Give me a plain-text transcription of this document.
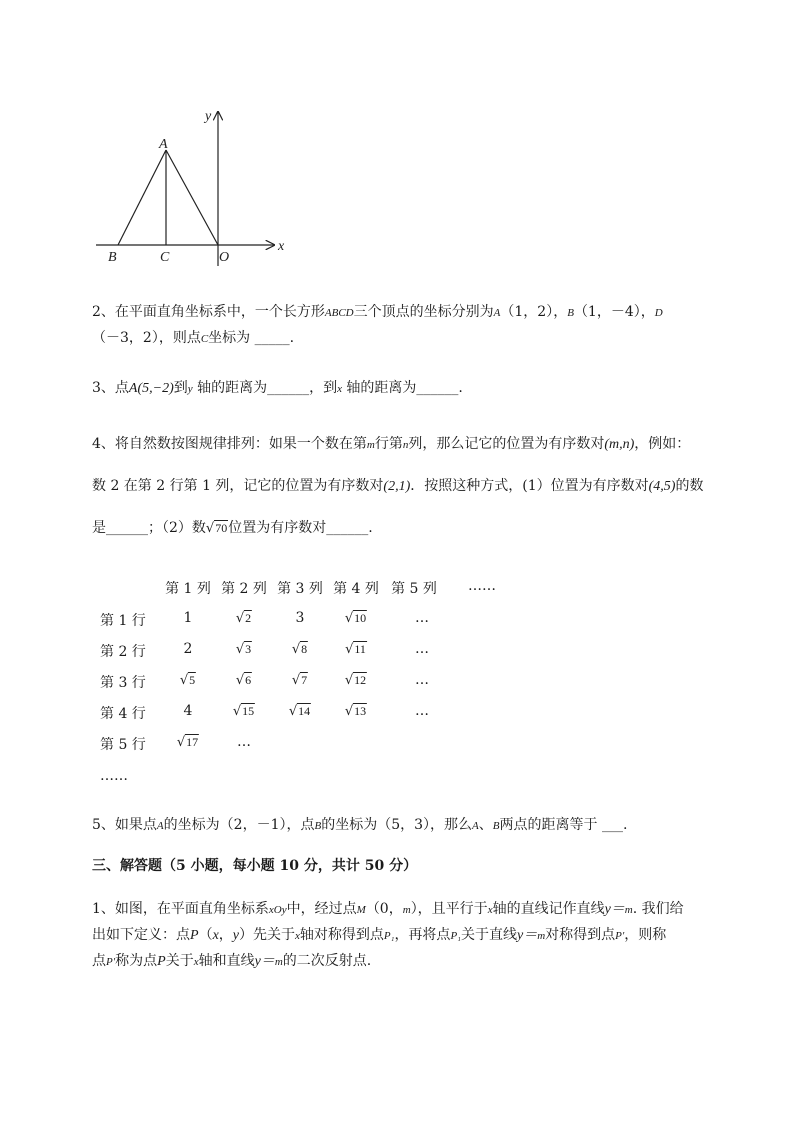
A
B	C	O
x
y
2、在平面直角坐标系中，一个长方形ABCD三个顶点的坐标分别为A（1，2），B（1，－4），D
（－3，2），则点C坐标为 _____.
3、点A(5,−2)到y 轴的距离为______，到x 轴的距离为______.
4、将自然数按图规律排列：如果一个数在第m行第n列，那么记它的位置为有序数对(m,n)，例如：
数 2 在第 2 行第 1 列，记它的位置为有序数对(2,1)．按照这种方式，(1）位置为有序数对(4,5)的数
是______；（2）数√70位置为有序数对______.
第 1 列 第 2 列 第 3 列 第 4 列 第 5 列 ……
第 1 行	1	√2	3	√10	…
第 2 行	2	√3	√8	√11	…
第 3 行	√5	√6	√7	√12	…
第 4 行	4	√15	√14	√13	…
第 5 行 √17	…
……
5、如果点A的坐标为（2，－1），点B的坐标为（5，3），那么A、B两点的距离等于 ___.
三、解答题（5 小题，每小题 10 分，共计 50 分）
1、如图，在平面直角坐标系xOy中，经过点M（0，m），且平行于x轴的直线记作直线y＝m. 我们给
出如下定义：点P（x，y）先关于x轴对称得到点P₁，再将点P₁关于直线y＝m对称得到点P′，则称
点P′称为点P关于x轴和直线y＝m的二次反射点.
